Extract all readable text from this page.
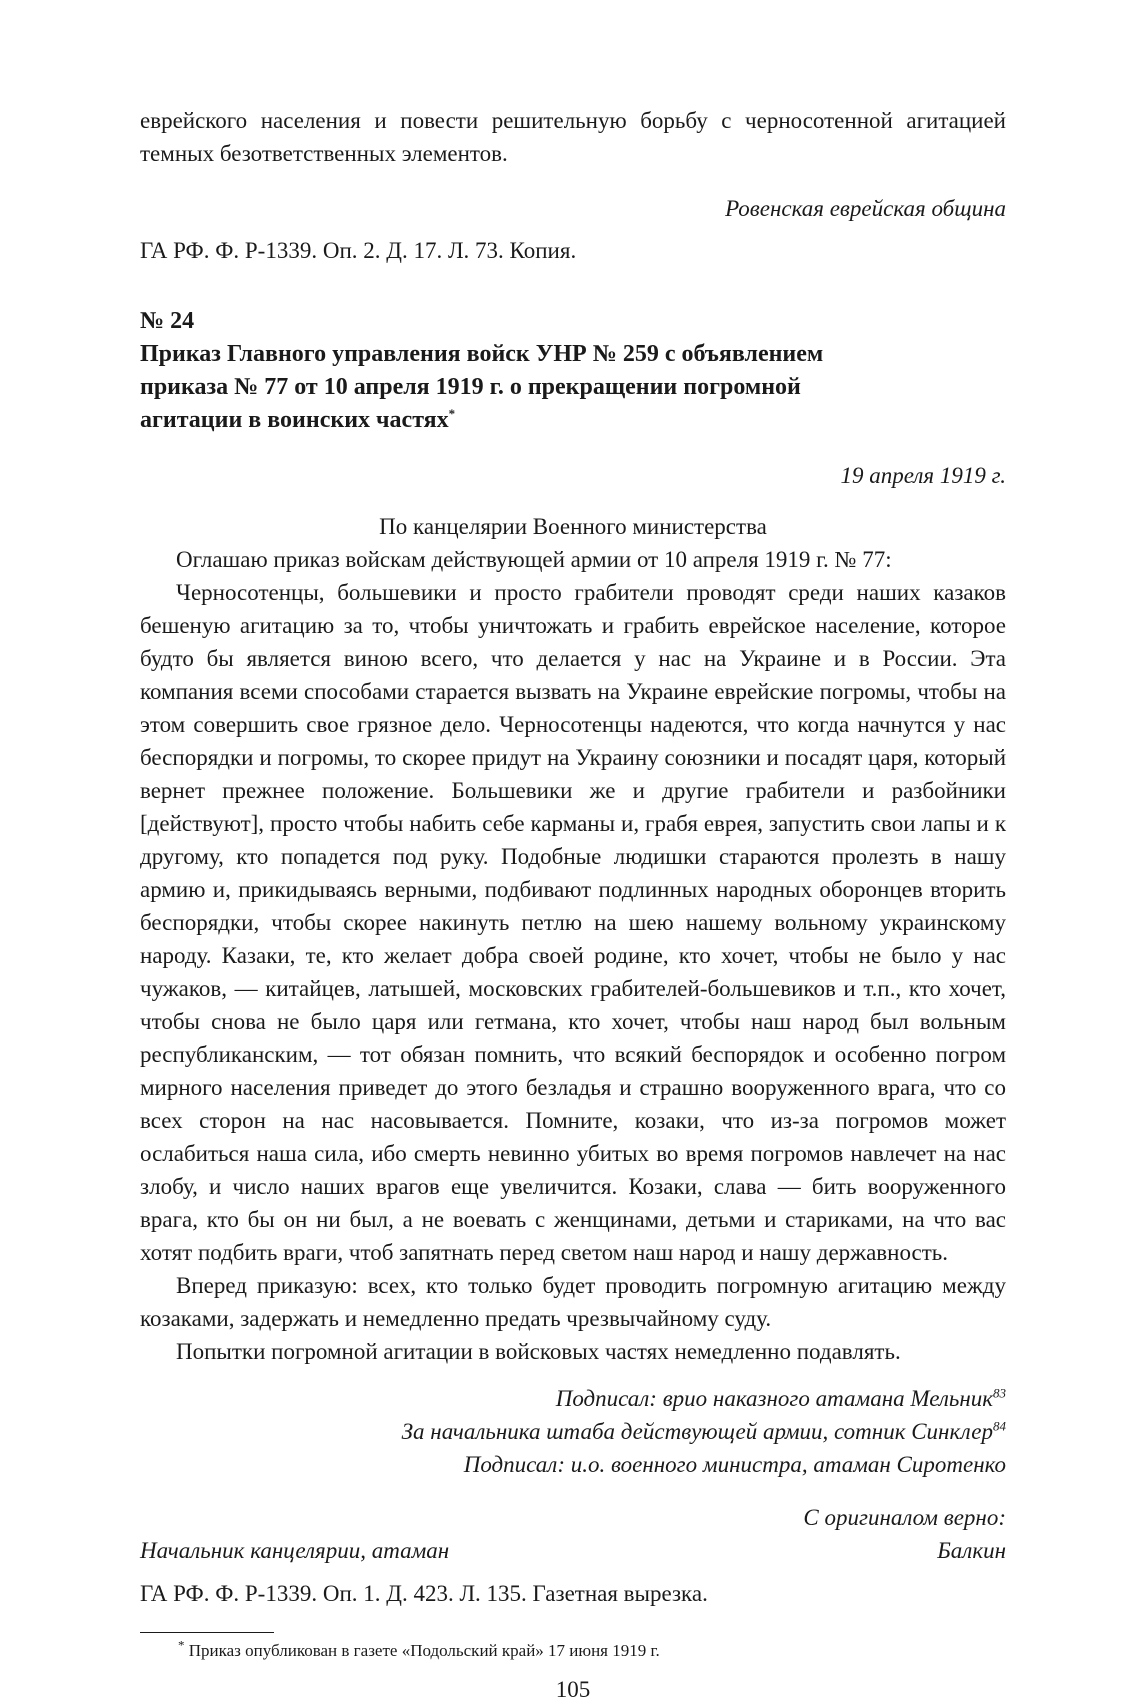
еврейского населения и повести решительную борьбу с черносотенной агитацией темных безответственных элементов.

Ровенская еврейская община

ГА РФ. Ф. Р-1339. Оп. 2. Д. 17. Л. 73. Копия.

№ 24

Приказ Главного управления войск УНР № 259 с объявлением приказа № 77 от 10 апреля 1919 г. о прекращении погромной агитации в воинских частях*

19 апреля 1919 г.

По канцелярии Военного министерства

Оглашаю приказ войскам действующей армии от 10 апреля 1919 г. № 77:

Черносотенцы, большевики и просто грабители проводят среди наших казаков бешеную агитацию за то, чтобы уничтожать и грабить еврейское население, которое будто бы является виною всего, что делается у нас на Украине и в России. Эта компания всеми способами старается вызвать на Украине еврейские погромы, чтобы на этом совершить свое грязное дело. Черносотенцы надеются, что когда начнутся у нас беспорядки и погромы, то скорее придут на Украину союзники и посадят царя, который вернет прежнее положение. Большевики же и другие грабители и разбойники [действуют], просто чтобы набить себе карманы и, грабя еврея, запустить свои лапы и к другому, кто попадется под руку. Подобные людишки стараются пролезть в нашу армию и, прикидываясь верными, подбивают подлинных народных оборонцев вторить беспорядки, чтобы скорее накинуть петлю на шею нашему вольному украинскому народу. Казаки, те, кто желает добра своей родине, кто хочет, чтобы не было у нас чужаков, — китайцев, латышей, московских грабителей-большевиков и т.п., кто хочет, чтобы снова не было царя или гетмана, кто хочет, чтобы наш народ был вольным республиканским, — тот обязан помнить, что всякий беспорядок и особенно погром мирного населения приведет до этого безладья и страшно вооруженного врага, что со всех сторон на нас насовывается. Помните, козаки, что из-за погромов может ослабиться наша сила, ибо смерть невинно убитых во время погромов навлечет на нас злобу, и число наших врагов еще увеличится. Козаки, слава — бить вооруженного врага, кто бы он ни был, а не воевать с женщинами, детьми и стариками, на что вас хотят подбить враги, чтоб запятнать перед светом наш народ и нашу державность.

Вперед приказую: всех, кто только будет проводить погромную агитацию между козаками, задержать и немедленно предать чрезвычайному суду.

Попытки погромной агитации в войсковых частях немедленно подавлять.

Подписал: врио наказного атамана Мельник$^{83}$

За начальника штаба действующей армии, сотник Синклер$^{84}$

Подписал: и.о. военного министра, атаман Сиротенко

С оригиналом верно:

Начальник канцелярии, атаман	Балкин

ГА РФ. Ф. Р-1339. Оп. 1. Д. 423. Л. 135. Газетная вырезка.

* Приказ опубликован в газете «Подольский край» 17 июня 1919 г.

105
